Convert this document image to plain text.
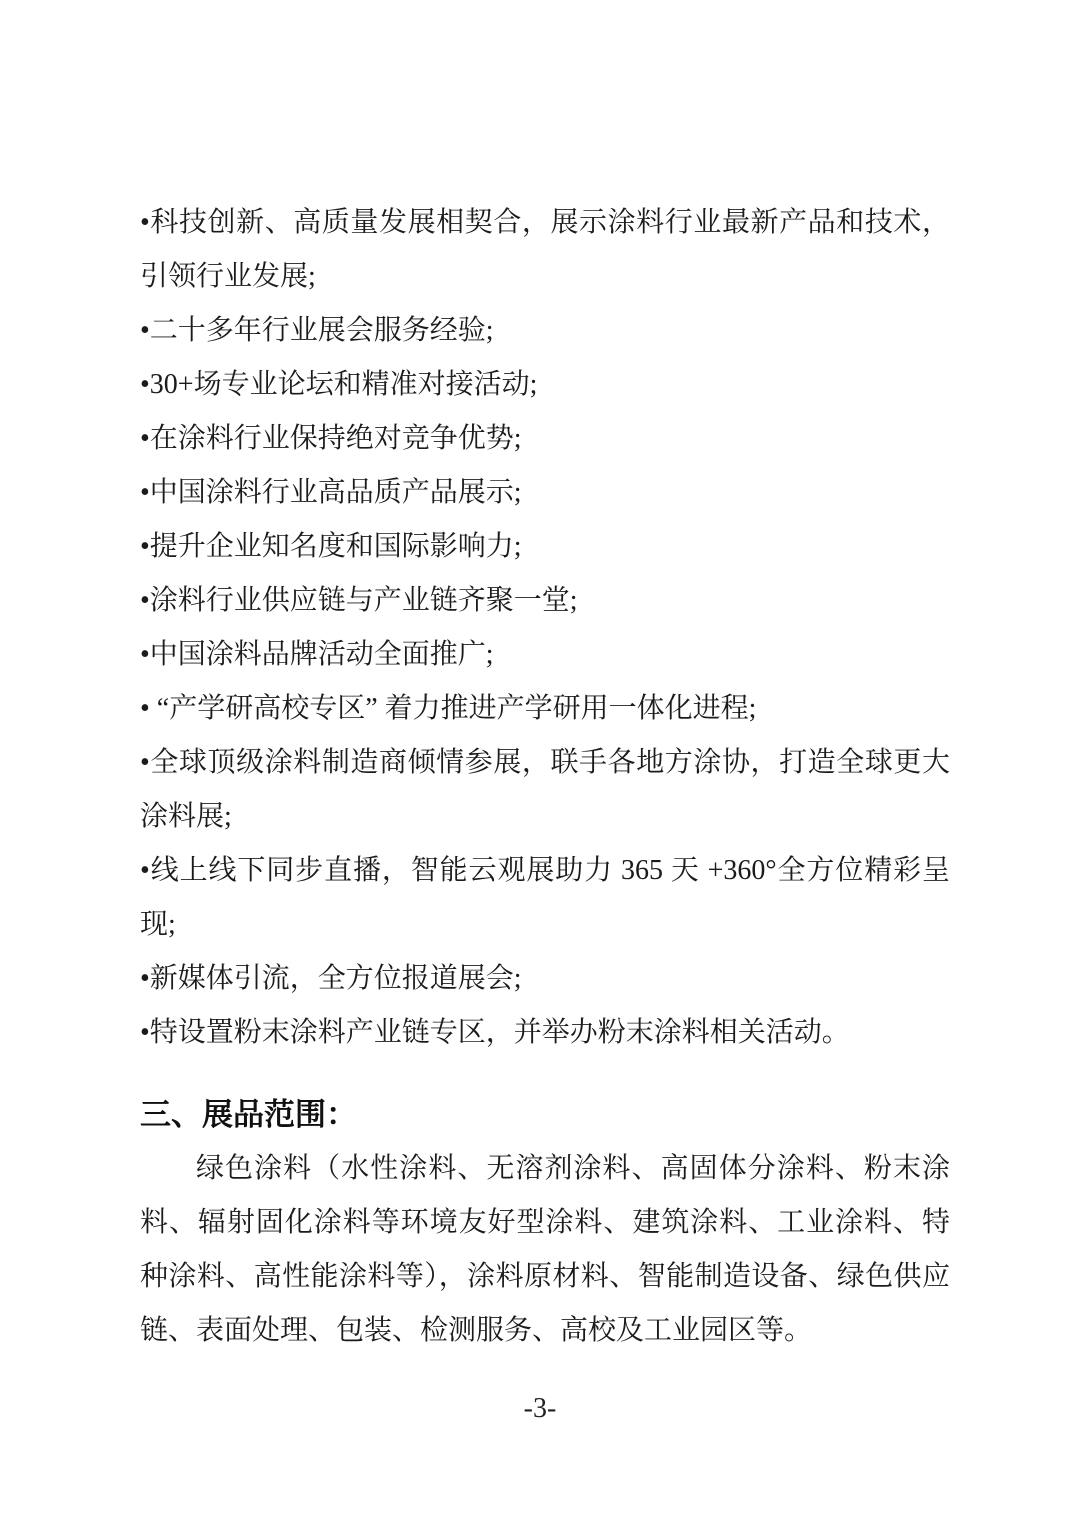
•科技创新、高质量发展相契合，展示涂料行业最新产品和技术，引领行业发展;

•二十多年行业展会服务经验;

•30+场专业论坛和精准对接活动;

•在涂料行业保持绝对竞争优势;

•中国涂料行业高品质产品展示;

•提升企业知名度和国际影响力;

•涂料行业供应链与产业链齐聚一堂;

•中国涂料品牌活动全面推广;

• “产学研高校专区” 着力推进产学研用一体化进程;

•全球顶级涂料制造商倾情参展，联手各地方涂协，打造全球更大涂料展;

•线上线下同步直播，智能云观展助力 365 天 +360°全方位精彩呈现;

•新媒体引流，全方位报道展会;

•特设置粉末涂料产业链专区，并举办粉末涂料相关活动。

三、展品范围：

绿色涂料（水性涂料、无溶剂涂料、高固体分涂料、粉末涂料、辐射固化涂料等环境友好型涂料、建筑涂料、工业涂料、特种涂料、高性能涂料等），涂料原材料、智能制造设备、绿色供应链、表面处理、包装、检测服务、高校及工业园区等。

-3-
